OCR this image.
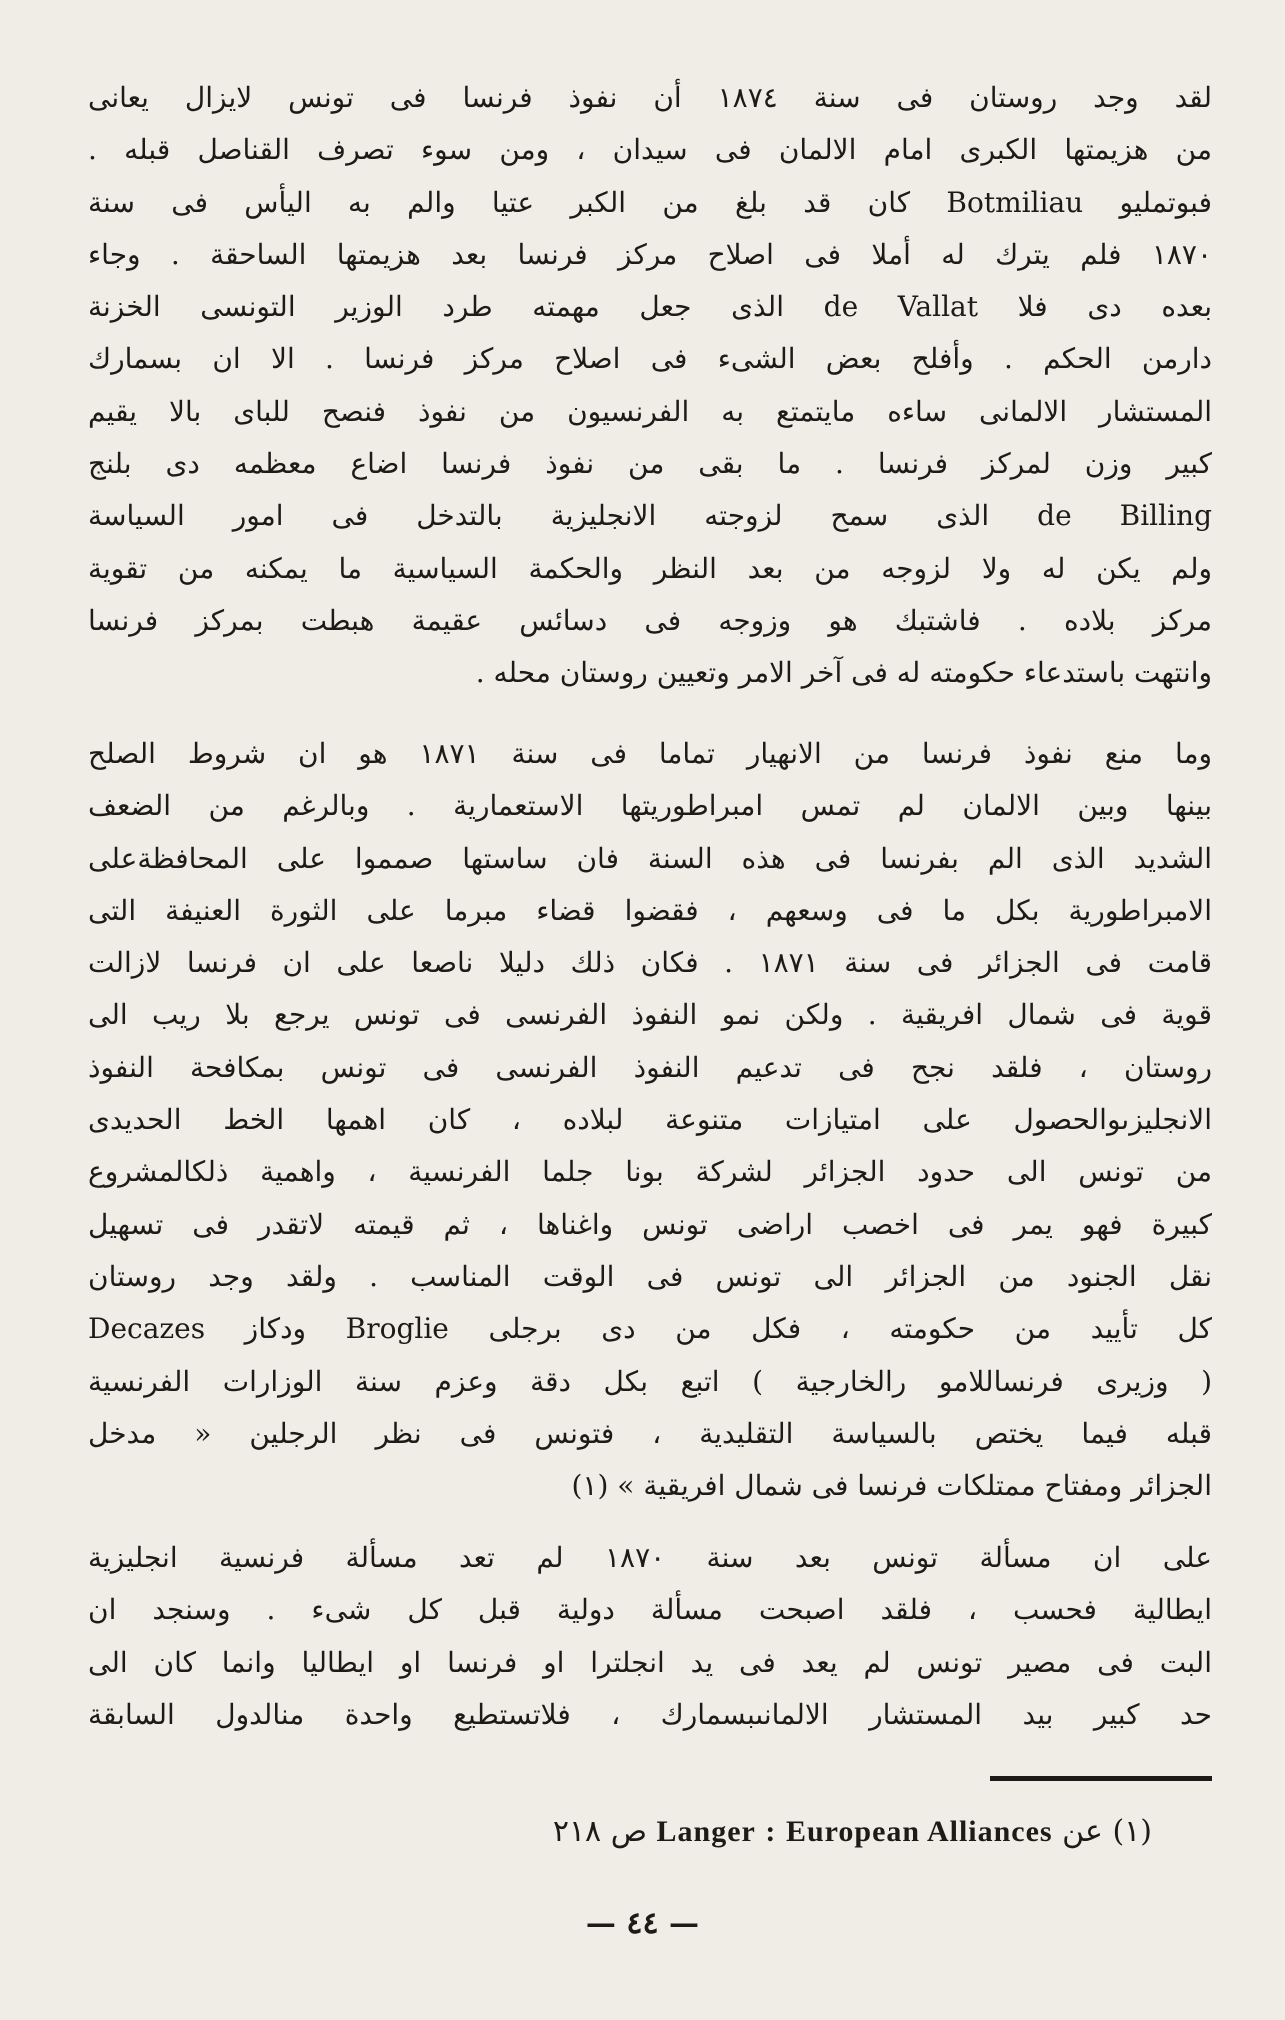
لقد وجد روستان فى سنة ١٨٧٤ أن نفوذ فرنسا فى تونس لايزال يعانى
من هزيمتها الكبرى امام الالمان فى سيدان ، ومن سوء تصرف القناصل قبله .
فبوتمليو Botmiliau كان قد بلغ من الكبر عتيا والم به اليأس فى سنة
١٨٧٠ فلم يترك له أملا فى اصلاح مركز فرنسا بعد هزيمتها الساحقة . وجاء
بعده دى فلا de Vallat الذى جعل مهمته طرد الوزير التونسى الخزنة
دارمن الحكم . وأفلح بعض الشىء فى اصلاح مركز فرنسا . الا ان بسمارك
المستشار الالمانى ساءه مايتمتع به الفرنسيون من نفوذ فنصح للباى بالا يقيم
كبير وزن لمركز فرنسا . ما بقى من نفوذ فرنسا اضاع معظمه دى بلنج
de Billing الذى سمح لزوجته الانجليزية بالتدخل فى امور السياسة
ولم يكن له ولا لزوجه من بعد النظر والحكمة السياسية ما يمكنه من تقوية
مركز بلاده . فاشتبك هو وزوجه فى دسائس عقيمة هبطت بمركز فرنسا
وانتهت باستدعاء حكومته له فى آخر الامر وتعيين روستان محله .

وما منع نفوذ فرنسا من الانهيار تماما فى سنة ١٨٧١ هو ان شروط الصلح
بينها وبين الالمان لم تمس امبراطوريتها الاستعمارية . وبالرغم من الضعف
الشديد الذى الم بفرنسا فى هذه السنة فان ساستها صمموا على المحافظةعلى
الامبراطورية بكل ما فى وسعهم ، فقضوا قضاء مبرما على الثورة العنيفة التى
قامت فى الجزائر فى سنة ١٨٧١ . فكان ذلك دليلا ناصعا على ان فرنسا لازالت
قوية فى شمال افريقية . ولكن نمو النفوذ الفرنسى فى تونس يرجع بلا ريب الى
روستان ، فلقد نجح فى تدعيم النفوذ الفرنسى فى تونس بمكافحة النفوذ
الانجليزىوالحصول على امتيازات متنوعة لبلاده ، كان اهمها الخط الحديدى
من تونس الى حدود الجزائر لشركة بونا جلما الفرنسية ، واهمية ذلكالمشروع
كبيرة فهو يمر فى اخصب اراضى تونس واغناها ، ثم قيمته لاتقدر فى تسهيل
نقل الجنود من الجزائر الى تونس فى الوقت المناسب . ولقد وجد روستان
كل تأييد من حكومته ، فكل من دى برجلى Broglie ودكاز Decazes
( وزيرى فرنساللامو رالخارجية ) اتبع بكل دقة وعزم سنة الوزارات الفرنسية
قبله فيما يختص بالسياسة التقليدية ، فتونس فى نظر الرجلين « مدخل
الجزائر ومفتاح ممتلكات فرنسا فى شمال افريقية » (١)

على ان مسألة تونس بعد سنة ١٨٧٠ لم تعد مسألة فرنسية انجليزية
ايطالية فحسب ، فلقد اصبحت مسألة دولية قبل كل شىء . وسنجد ان
البت فى مصير تونس لم يعد فى يد انجلترا او فرنسا او ايطاليا وانما كان الى
حد كبير بيد المستشار الالمانىبسمارك ، فلاتستطيع واحدة منالدول السابقة

(١) عن European Alliances : Langer ص ٢١٨
— ٤٤ —
